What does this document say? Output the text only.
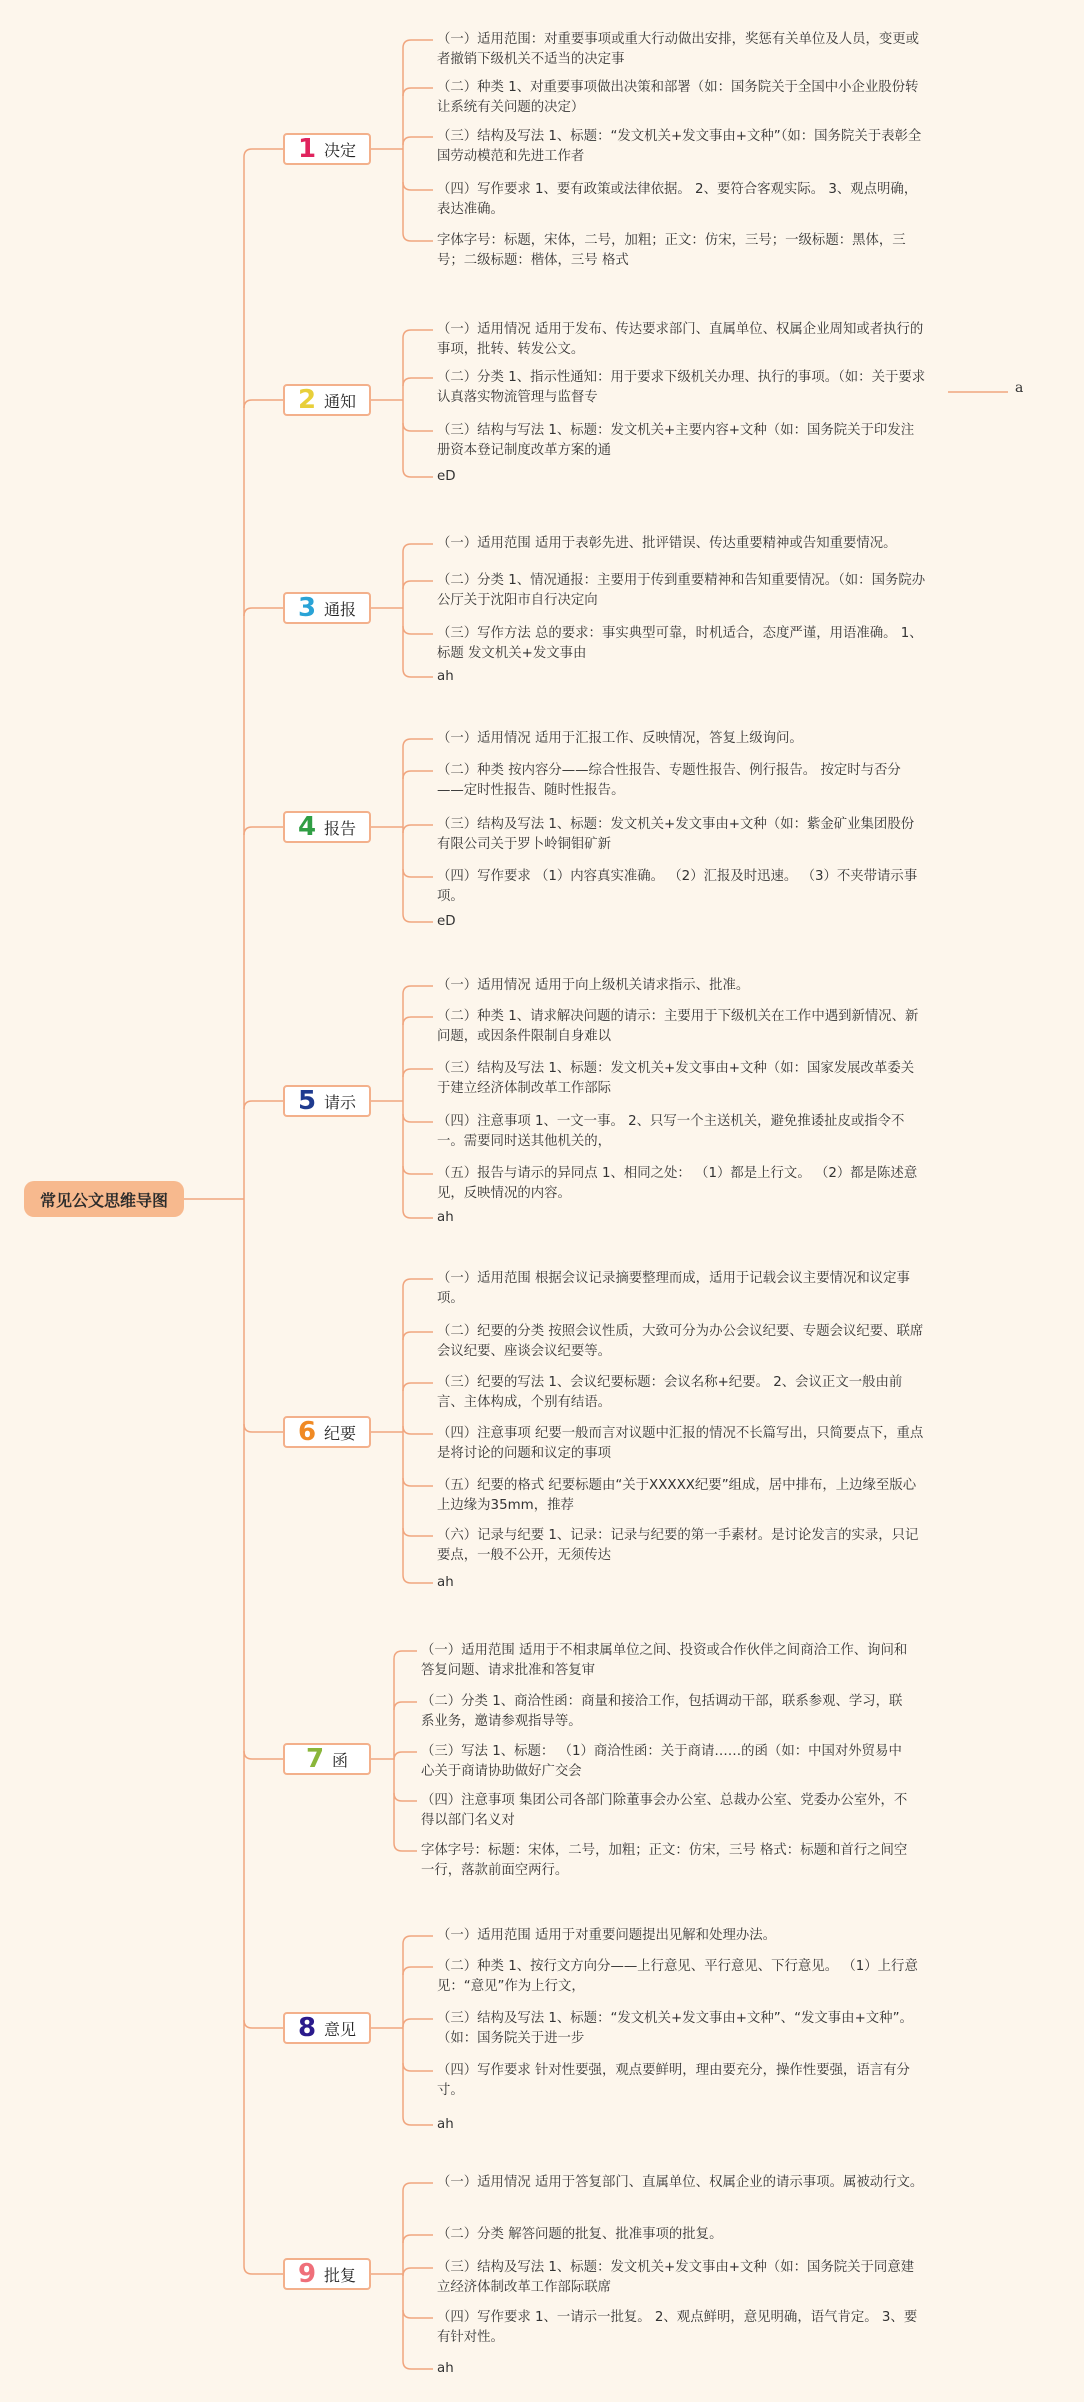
常见公文思维导图
1 决定
2 通知
3 通报
4 报告
5 请示
6 纪要
7 函
8 意见
9 批复
（一）适用范围：对重要事项或重大行动做出安排，奖惩有关单位及人员，变更或者撤销下级机关不适当的决定事
（二）种类 1、对重要事项做出决策和部署（如：国务院关于全国中小企业股份转让系统有关问题的决定）
（三）结构及写法 1、标题：“发文机关+发文事由+文种”（如：国务院关于表彰全国劳动模范和先进工作者
（四）写作要求 1、要有政策或法律依据。 2、要符合客观实际。 3、观点明确，表达准确。
字体字号：标题，宋体，二号，加粗；正文：仿宋，三号；一级标题：黑体，三号；二级标题：楷体，三号 格式
（一）适用情况 适用于发布、传达要求部门、直属单位、权属企业周知或者执行的事项，批转、转发公文。
（二）分类 1、指示性通知：用于要求下级机关办理、执行的事项。（如：关于要求认真落实物流管理与监督专
（三）结构与写法 1、标题：发文机关+主要内容+文种（如：国务院关于印发注册资本登记制度改革方案的通
eD
（一）适用范围 适用于表彰先进、批评错误、传达重要精神或告知重要情况。
（二）分类 1、情况通报：主要用于传到重要精神和告知重要情况。（如：国务院办公厅关于沈阳市自行决定向
（三）写作方法 总的要求：事实典型可靠，时机适合，态度严谨，用语准确。 1、标题 发文机关+发文事由
ah
（一）适用情况 适用于汇报工作、反映情况，答复上级询问。
（二）种类 按内容分——综合性报告、专题性报告、例行报告。 按定时与否分——定时性报告、随时性报告。
（三）结构及写法 1、标题：发文机关+发文事由+文种（如：紫金矿业集团股份有限公司关于罗卜岭铜钼矿新
（四）写作要求 （1）内容真实准确。 （2）汇报及时迅速。 （3）不夹带请示事项。
eD
（一）适用情况 适用于向上级机关请求指示、批准。
（二）种类 1、请求解决问题的请示：主要用于下级机关在工作中遇到新情况、新问题，或因条件限制自身难以
（三）结构及写法 1、标题：发文机关+发文事由+文种（如：国家发展改革委关于建立经济体制改革工作部际
（四）注意事项 1、一文一事。 2、只写一个主送机关，避免推诿扯皮或指令不一。需要同时送其他机关的，
（五）报告与请示的异同点 1、相同之处： （1）都是上行文。 （2）都是陈述意见，反映情况的内容。
ah
（一）适用范围 根据会议记录摘要整理而成，适用于记载会议主要情况和议定事项。
（二）纪要的分类 按照会议性质，大致可分为办公会议纪要、专题会议纪要、联席会议纪要、座谈会议纪要等。
（三）纪要的写法 1、会议纪要标题：会议名称+纪要。 2、会议正文一般由前言、主体构成，个别有结语。
（四）注意事项 纪要一般而言对议题中汇报的情况不长篇写出，只简要点下，重点是将讨论的问题和议定的事项
（五）纪要的格式 纪要标题由“关于XXXXX纪要”组成，居中排布，上边缘至版心上边缘为35mm，推荐
（六）记录与纪要 1、记录：记录与纪要的第一手素材。是讨论发言的实录，只记要点，一般不公开，无须传达
ah
（一）适用范围 适用于不相隶属单位之间、投资或合作伙伴之间商洽工作、询问和答复问题、请求批准和答复审
（二）分类 1、商洽性函：商量和接洽工作，包括调动干部，联系参观、学习，联系业务，邀请参观指导等。
（三）写法 1、标题： （1）商洽性函：关于商请……的函（如：中国对外贸易中心关于商请协助做好广交会
（四）注意事项 集团公司各部门除董事会办公室、总裁办公室、党委办公室外，不得以部门名义对
字体字号：标题：宋体，二号，加粗；正文：仿宋，三号 格式：标题和首行之间空一行，落款前面空两行。
（一）适用范围 适用于对重要问题提出见解和处理办法。
（二）种类 1、按行文方向分——上行意见、平行意见、下行意见。 （1）上行意见：“意见”作为上行文，
（三）结构及写法 1、标题：“发文机关+发文事由+文种”、“发文事由+文种”。（如：国务院关于进一步
（四）写作要求 针对性要强，观点要鲜明，理由要充分，操作性要强，语言有分寸。
ah
（一）适用情况 适用于答复部门、直属单位、权属企业的请示事项。属被动行文。
（二）分类 解答问题的批复、批准事项的批复。
（三）结构及写法 1、标题：发文机关+发文事由+文种（如：国务院关于同意建立经济体制改革工作部际联席
（四）写作要求 1、一请示一批复。 2、观点鲜明，意见明确，语气肯定。 3、要有针对性。
ah
a
